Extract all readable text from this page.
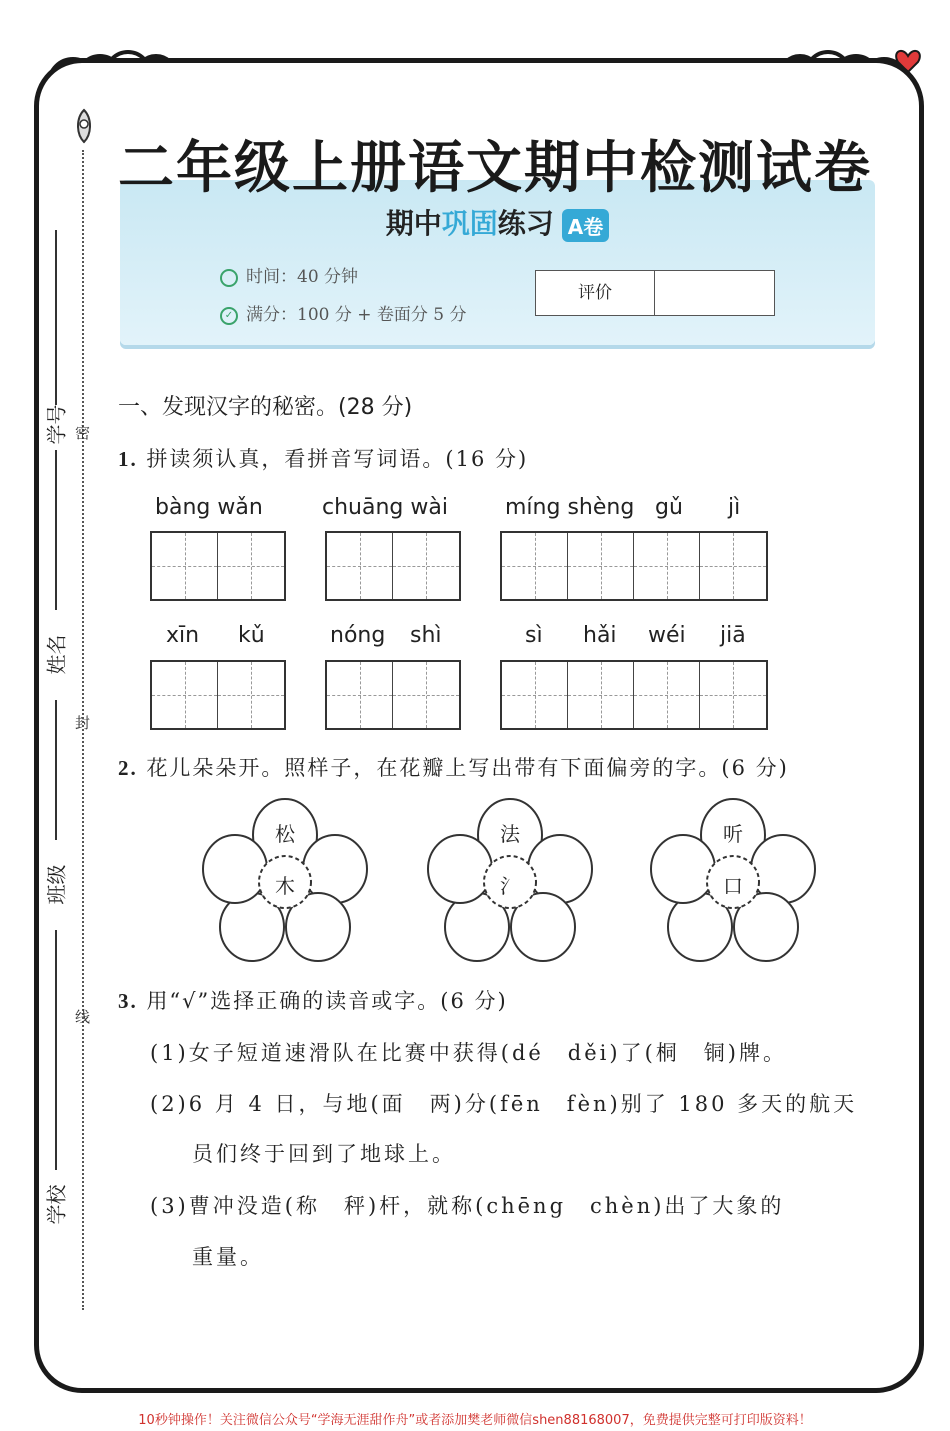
密
封
线
学号
姓名
班级
学校
期中巩固练习 A卷
时间：40 分钟
✓ 满分：100 分 + 卷面分 5 分
评价
二年级上册语文期中检测试卷
一、发现汉字的秘密。(28 分)
1. 拼读须认真，看拼音写词语。(16 分)
bàng wǎn	chuāng wài	míng shèng gǔ jì
xīn kǔ	nóng shì	sì hǎi wéi jiā
2. 花儿朵朵开。照样子，在花瓣上写出带有下面偏旁的字。(6 分)
松
木
法
氵
听
口
3. 用“√”选择正确的读音或字。(6 分)
(1)女子短道速滑队在比赛中获得(dé　děi)了(桐　铜)牌。
(2)6 月 4 日，与地(面　两)分(fēn　fèn)别了 180 多天的航天
员们终于回到了地球上。
(3)曹冲没造(称　秤)杆，就称(chēng　chèn)出了大象的
重量。
10秒钟操作！关注微信公众号“学海无涯甜作舟”或者添加樊老师微信shen88168007，免费提供完整可打印版资料！
